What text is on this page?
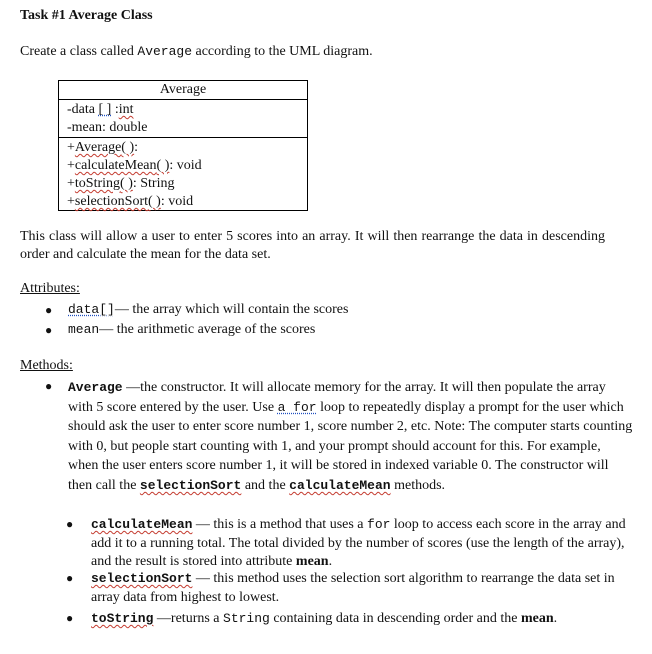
Task #1 Average Class
Create a class called Average according to the UML diagram.
Average
-data [ ] :int
-mean: double
+Average( ):
+calculateMean( ): void
+toString( ): String
+selectionSort( ): void
This class will allow a user to enter 5 scores into an array. It will then rearrange the data in descending order and calculate the mean for the data set.
Attributes:
● data[]— the array which will contain the scores
● mean— the arithmetic average of the scores
Methods:
● Average —the constructor. It will allocate memory for the array. It will then populate the array with 5 score entered by the user. Use a for loop to repeatedly display a prompt for the user which should ask the user to enter score number 1, score number 2, etc. Note: The computer starts counting with 0, but people start counting with 1, and your prompt should account for this. For example, when the user enters score number 1, it will be stored in indexed variable 0. The constructor will then call the selectionSort and the calculateMean methods.
● calculateMean — this is a method that uses a for loop to access each score in the array and add it to a running total. The total divided by the number of scores (use the length of the array), and the result is stored into attribute mean.
● selectionSort — this method uses the selection sort algorithm to rearrange the data set in array data from highest to lowest.
● toString —returns a String containing data in descending order and the mean.
